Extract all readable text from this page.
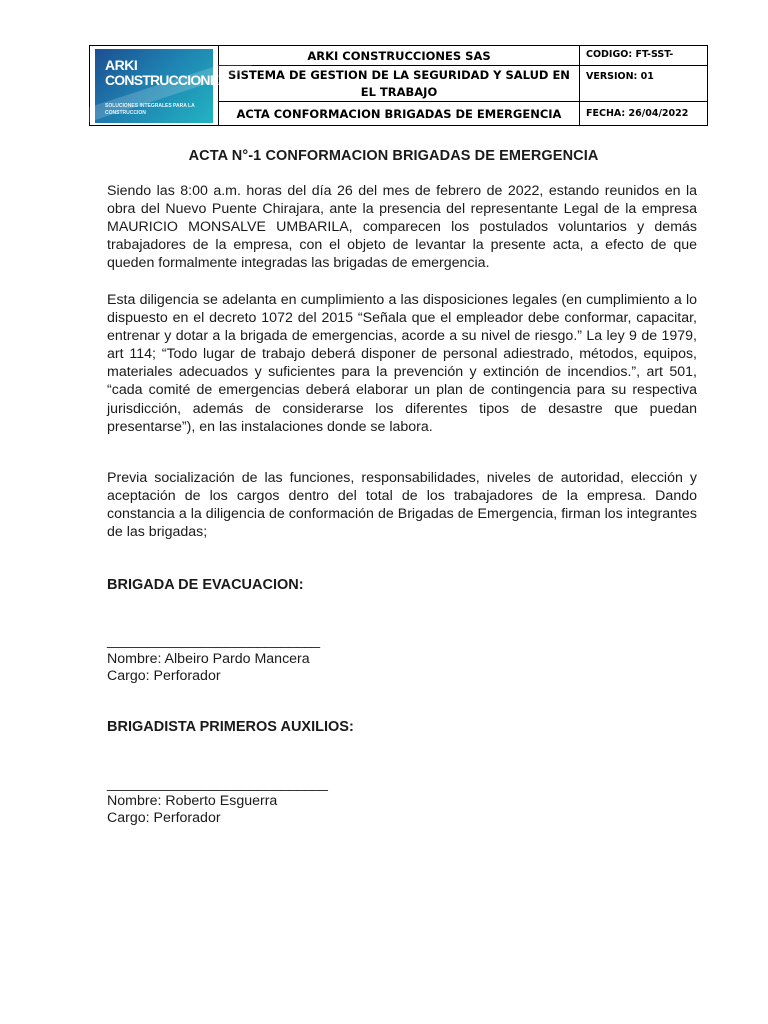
ARKI
CONSTRUCCIONES
SOLUCIONES INTEGRALES PARA LA CONSTRUCCION	ARKI CONSTRUCCIONES SAS	CODIGO: FT-SST-
	SISTEMA DE GESTION DE LA SEGURIDAD Y SALUD EN EL TRABAJO	VERSION: 01
	ACTA CONFORMACION BRIGADAS DE EMERGENCIA	FECHA: 26/04/2022
ACTA N°-1 CONFORMACION BRIGADAS DE EMERGENCIA
Siendo las 8:00 a.m. horas del día 26 del mes de febrero de 2022, estando reunidos en la obra del Nuevo Puente Chirajara, ante la presencia del representante Legal de la empresa MAURICIO MONSALVE UMBARILA, comparecen los postulados voluntarios y demás trabajadores de la empresa, con el objeto de levantar la presente acta, a efecto de que queden formalmente integradas las brigadas de emergencia.
Esta diligencia se adelanta en cumplimiento a las disposiciones legales (en cumplimiento a lo dispuesto en el decreto 1072 del 2015 “Señala que el empleador debe conformar, capacitar, entrenar y dotar a la brigada de emergencias, acorde a su nivel de riesgo.” La ley 9 de 1979, art 114; “Todo lugar de trabajo deberá disponer de personal adiestrado, métodos, equipos, materiales adecuados y suficientes para la prevención y extinción de incendios.”, art 501, “cada comité de emergencias deberá elaborar un plan de contingencia para su respectiva jurisdicción, además de considerarse los diferentes tipos de desastre que puedan presentarse”), en las instalaciones donde se labora.
Previa socialización de las funciones, responsabilidades, niveles de autoridad, elección y aceptación de los cargos dentro del total de los trabajadores de la empresa. Dando constancia a la diligencia de conformación de Brigadas de Emergencia, firman los integrantes de las brigadas;
BRIGADA DE EVACUACION:
___________________________
Nombre: Albeiro Pardo Mancera
Cargo: Perforador
BRIGADISTA PRIMEROS AUXILIOS:
____________________________
Nombre: Roberto Esguerra
Cargo: Perforador
